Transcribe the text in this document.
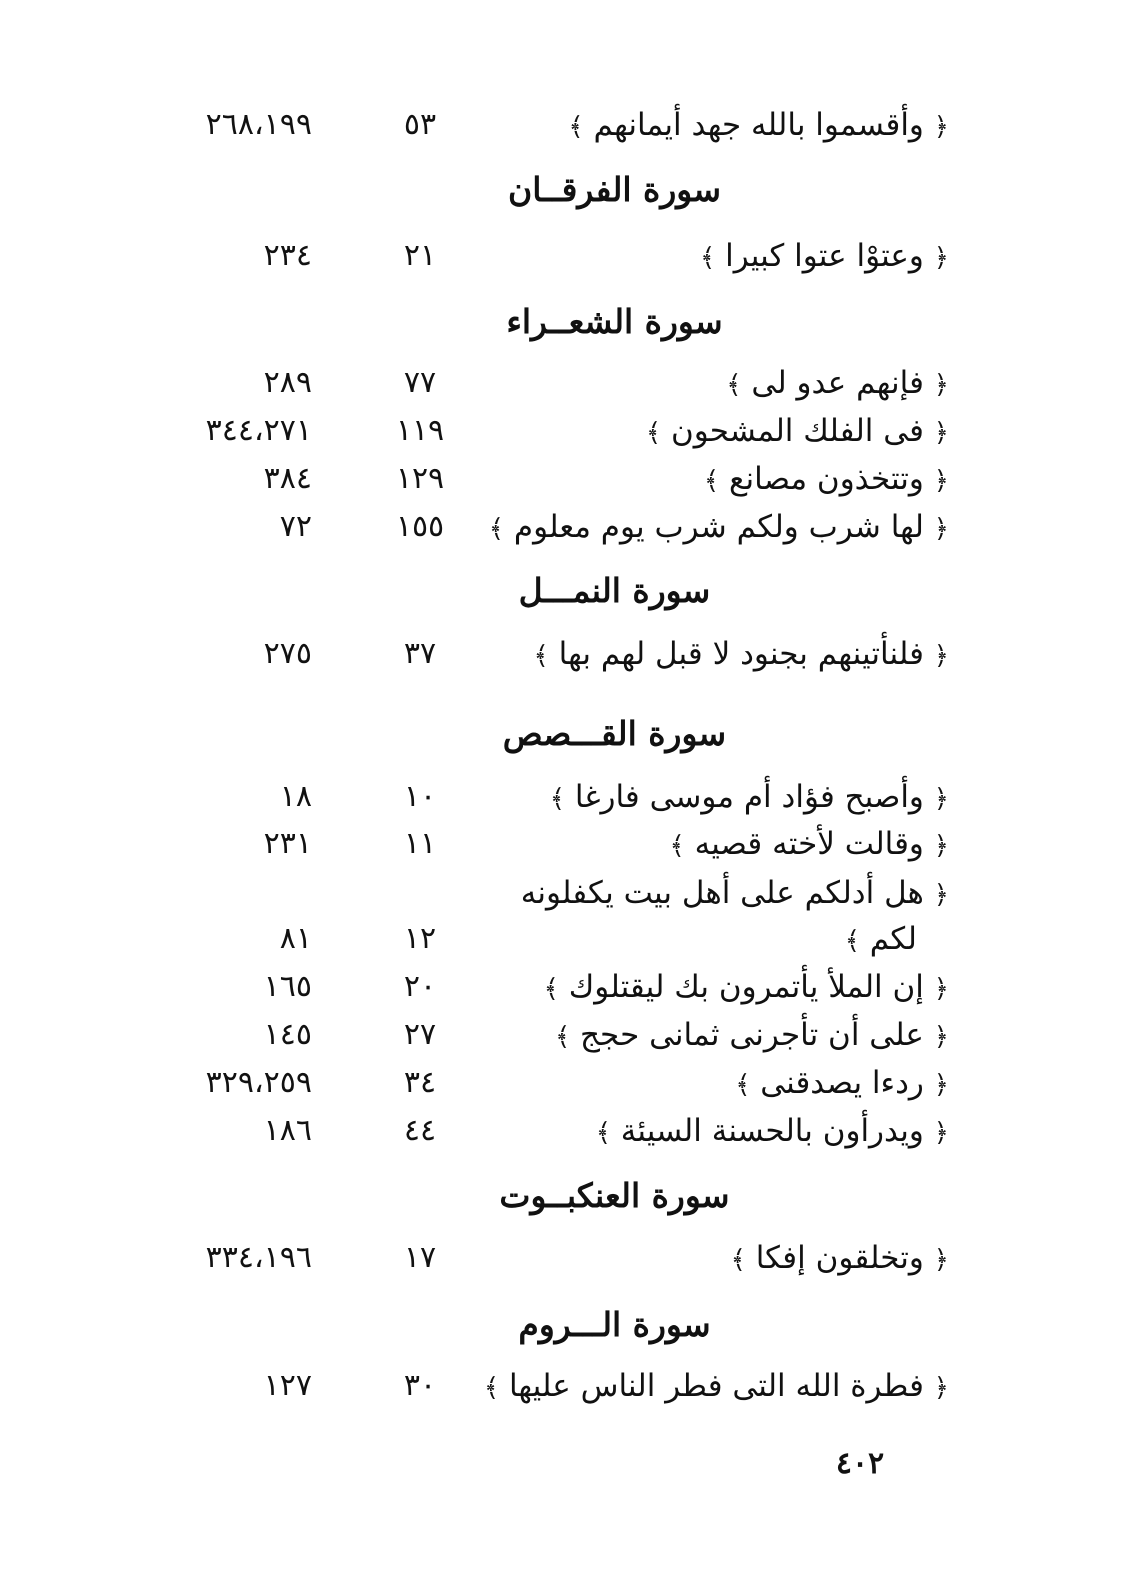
﴿ وأقسموا بالله جهد أيمانهم ﴾
٥٣
٢٦٨،١٩٩
سورة الفرقــان
﴿ وعتوْا عتوا كبيرا ﴾
٢١
٢٣٤
سورة الشعــراء
﴿ فإنهم عدو لى ﴾
٧٧
٢٨٩
﴿ فى الفلك المشحون ﴾
١١٩
٣٤٤،٢٧١
﴿ وتتخذون مصانع ﴾
١٢٩
٣٨٤
﴿ لها شرب ولكم شرب يوم معلوم ﴾
١٥٥
٧٢
سورة النمـــل
﴿ فلنأتينهم بجنود لا قبل لهم بها ﴾
٣٧
٢٧٥
سورة القـــصص
﴿ وأصبح فؤاد أم موسى فارغا ﴾
١٠
١٨
﴿ وقالت لأخته قصيه ﴾
١١
٢٣١
﴿ هل أدلكم على أهل بيت يكفلونه
لكم ﴾
١٢
٨١
﴿ إن الملأ يأتمرون بك ليقتلوك ﴾
٢٠
١٦٥
﴿ على أن تأجرنى ثمانى حجج ﴾
٢٧
١٤٥
﴿ ردءا يصدقنى ﴾
٣٤
٣٢٩،٢٥٩
﴿ ويدرأون بالحسنة السيئة ﴾
٤٤
١٨٦
سورة العنكبــوت
﴿ وتخلقون إفكا ﴾
١٧
٣٣٤،١٩٦
سورة الـــروم
﴿ فطرة الله التى فطر الناس عليها ﴾
٣٠
١٢٧
٤٠٢
